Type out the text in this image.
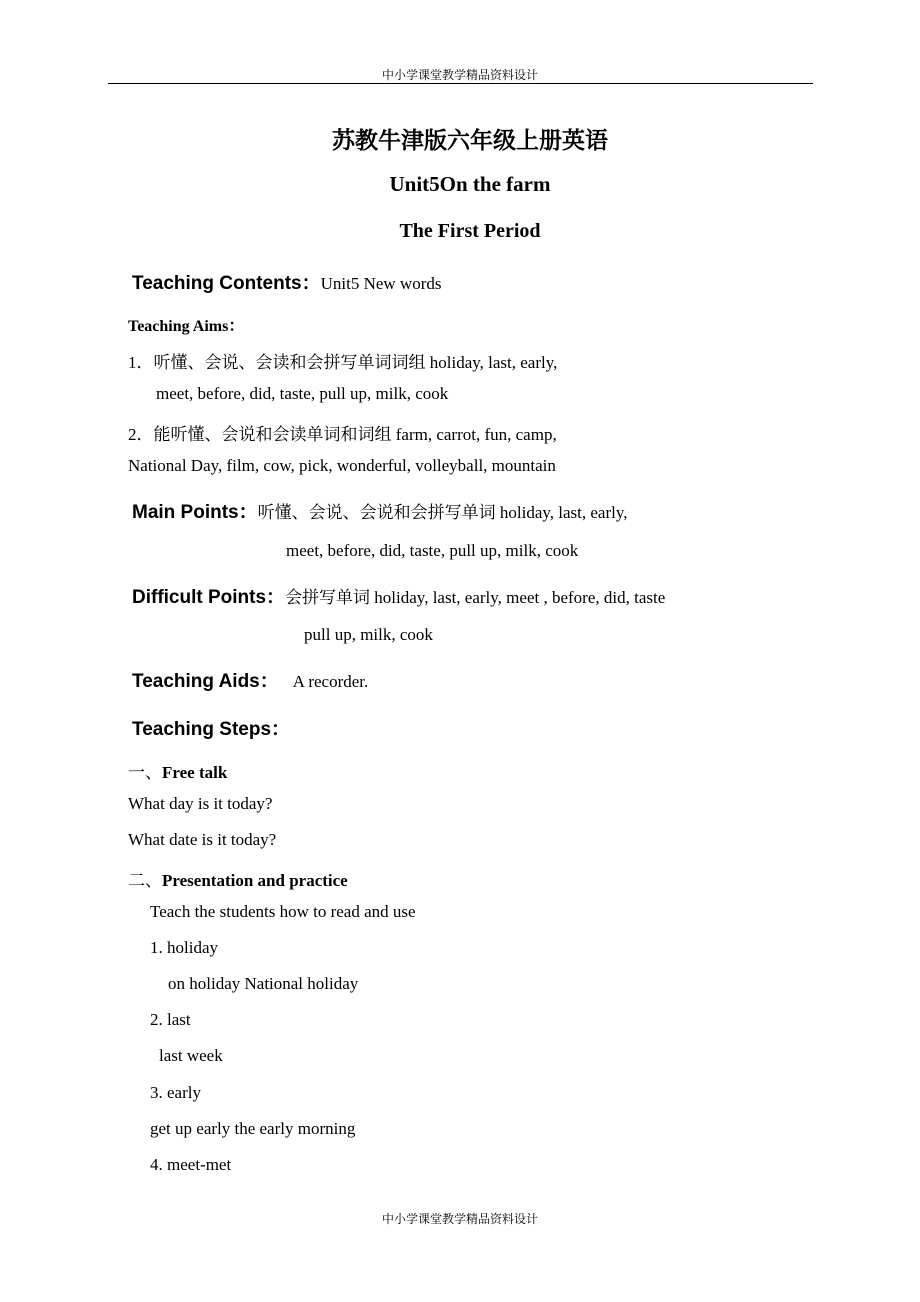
中小学课堂教学精品资料设计
苏教牛津版六年级上册英语
Unit5On the farm
The First Period
Teaching Contents：Unit5 New words
Teaching Aims：
1．听懂、会说、会读和会拼写单词词组 holiday, last, early,
meet, before, did, taste, pull up, milk, cook
2．能听懂、会说和会读单词和词组 farm, carrot, fun, camp,
National Day, film, cow, pick, wonderful, volleyball, mountain
Main Points：听懂、会说、会说和会拼写单词 holiday, last, early,
meet, before, did, taste, pull up, milk, cook
Difficult Points：会拼写单词 holiday, last, early, meet , before, did, taste
pull up, milk, cook
Teaching Aids： A recorder.
Teaching Steps：
一、Free talk
What day is it today?
What date is it today?
二、Presentation and practice
Teach the students how to read and use
1. holiday
on holiday National holiday
2. last
last week
3. early
get up early the early morning
4. meet-met
中小学课堂教学精品资料设计
